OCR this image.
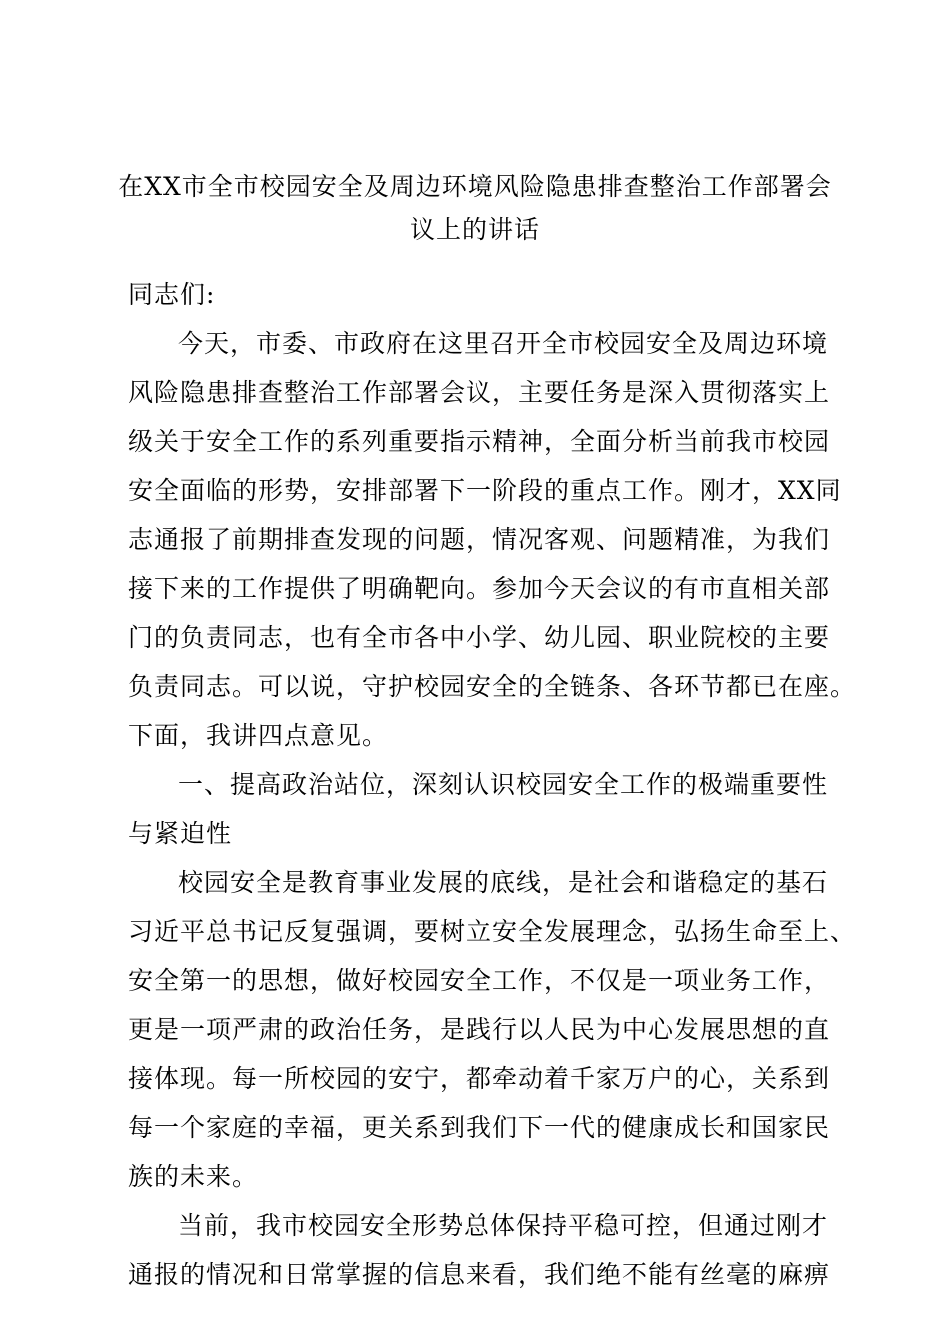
在XX市全市校园安全及周边环境风险隐患排查整治工作部署会
议上的讲话
同志们:
今天，市委、市政府在这里召开全市校园安全及周边环境
风险隐患排查整治工作部署会议，主要任务是深入贯彻落实上
级关于安全工作的系列重要指示精神，全面分析当前我市校园
安全面临的形势，安排部署下一阶段的重点工作。刚才，XX同
志通报了前期排查发现的问题，情况客观、问题精准，为我们
接下来的工作提供了明确靶向。参加今天会议的有市直相关部
门的负责同志，也有全市各中小学、幼儿园、职业院校的主要
负责同志。可以说，守护校园安全的全链条、各环节都已在座。
下面，我讲四点意见。
一、提高政治站位，深刻认识校园安全工作的极端重要性
与紧迫性
校园安全是教育事业发展的底线，是社会和谐稳定的基石
习近平总书记反复强调，要树立安全发展理念，弘扬生命至上、
安全第一的思想，做好校园安全工作，不仅是一项业务工作，
更是一项严肃的政治任务，是践行以人民为中心发展思想的直
接体现。每一所校园的安宁，都牵动着千家万户的心，关系到
每一个家庭的幸福，更关系到我们下一代的健康成长和国家民
族的未来。
当前，我市校园安全形势总体保持平稳可控，但通过刚才
通报的情况和日常掌握的信息来看，我们绝不能有丝毫的麻痹
